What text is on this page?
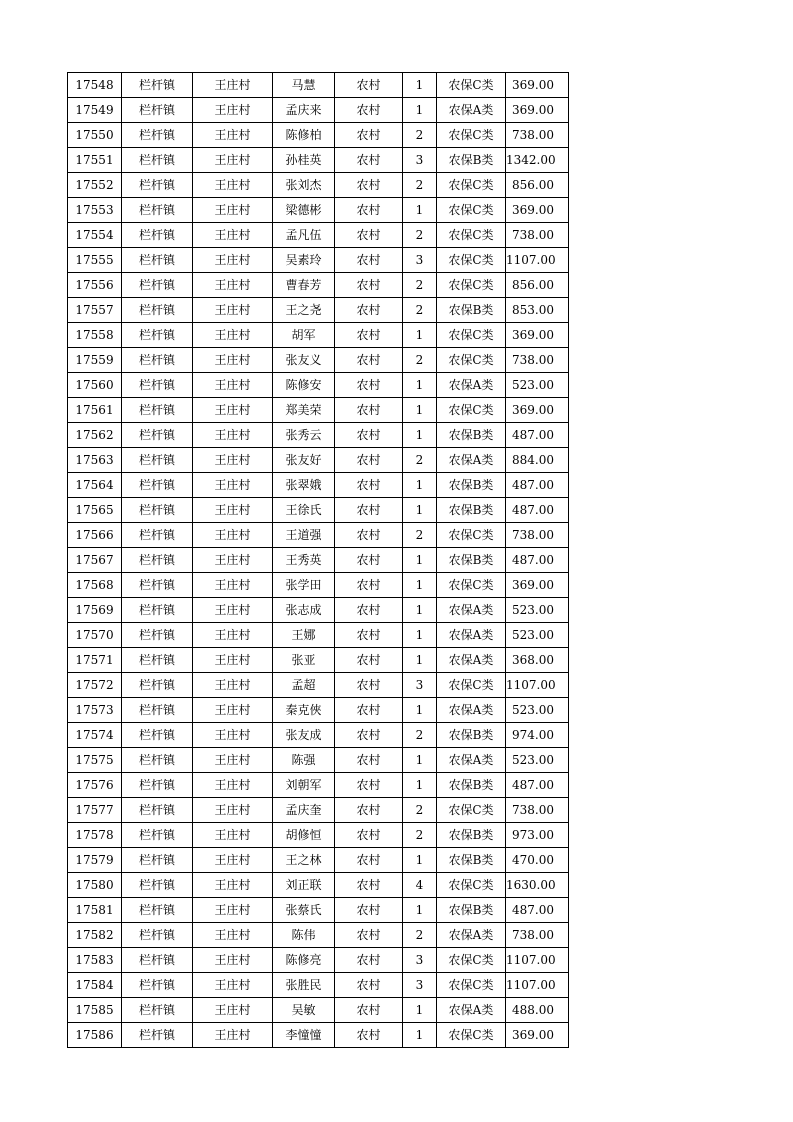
17548	栏杆镇	王庄村	马慧	农村	1	农保C类	369.00
17549	栏杆镇	王庄村	孟庆来	农村	1	农保A类	369.00
17550	栏杆镇	王庄村	陈修柏	农村	2	农保C类	738.00
17551	栏杆镇	王庄村	孙桂英	农村	3	农保B类	1342.00
17552	栏杆镇	王庄村	张刘杰	农村	2	农保C类	856.00
17553	栏杆镇	王庄村	梁德彬	农村	1	农保C类	369.00
17554	栏杆镇	王庄村	孟凡伍	农村	2	农保C类	738.00
17555	栏杆镇	王庄村	吴素玲	农村	3	农保C类	1107.00
17556	栏杆镇	王庄村	曹春芳	农村	2	农保C类	856.00
17557	栏杆镇	王庄村	王之尧	农村	2	农保B类	853.00
17558	栏杆镇	王庄村	胡军	农村	1	农保C类	369.00
17559	栏杆镇	王庄村	张友义	农村	2	农保C类	738.00
17560	栏杆镇	王庄村	陈修安	农村	1	农保A类	523.00
17561	栏杆镇	王庄村	郑美荣	农村	1	农保C类	369.00
17562	栏杆镇	王庄村	张秀云	农村	1	农保B类	487.00
17563	栏杆镇	王庄村	张友好	农村	2	农保A类	884.00
17564	栏杆镇	王庄村	张翠娥	农村	1	农保B类	487.00
17565	栏杆镇	王庄村	王徐氏	农村	1	农保B类	487.00
17566	栏杆镇	王庄村	王道强	农村	2	农保C类	738.00
17567	栏杆镇	王庄村	王秀英	农村	1	农保B类	487.00
17568	栏杆镇	王庄村	张学田	农村	1	农保C类	369.00
17569	栏杆镇	王庄村	张志成	农村	1	农保A类	523.00
17570	栏杆镇	王庄村	王娜	农村	1	农保A类	523.00
17571	栏杆镇	王庄村	张亚	农村	1	农保A类	368.00
17572	栏杆镇	王庄村	孟超	农村	3	农保C类	1107.00
17573	栏杆镇	王庄村	秦克俠	农村	1	农保A类	523.00
17574	栏杆镇	王庄村	张友成	农村	2	农保B类	974.00
17575	栏杆镇	王庄村	陈强	农村	1	农保A类	523.00
17576	栏杆镇	王庄村	刘朝军	农村	1	农保B类	487.00
17577	栏杆镇	王庄村	孟庆奎	农村	2	农保C类	738.00
17578	栏杆镇	王庄村	胡修恒	农村	2	农保B类	973.00
17579	栏杆镇	王庄村	王之林	农村	1	农保B类	470.00
17580	栏杆镇	王庄村	刘正联	农村	4	农保C类	1630.00
17581	栏杆镇	王庄村	张蔡氏	农村	1	农保B类	487.00
17582	栏杆镇	王庄村	陈伟	农村	2	农保A类	738.00
17583	栏杆镇	王庄村	陈修亮	农村	3	农保C类	1107.00
17584	栏杆镇	王庄村	张胜民	农村	3	农保C类	1107.00
17585	栏杆镇	王庄村	吴敏	农村	1	农保A类	488.00
17586	栏杆镇	王庄村	李憧憧	农村	1	农保C类	369.00
